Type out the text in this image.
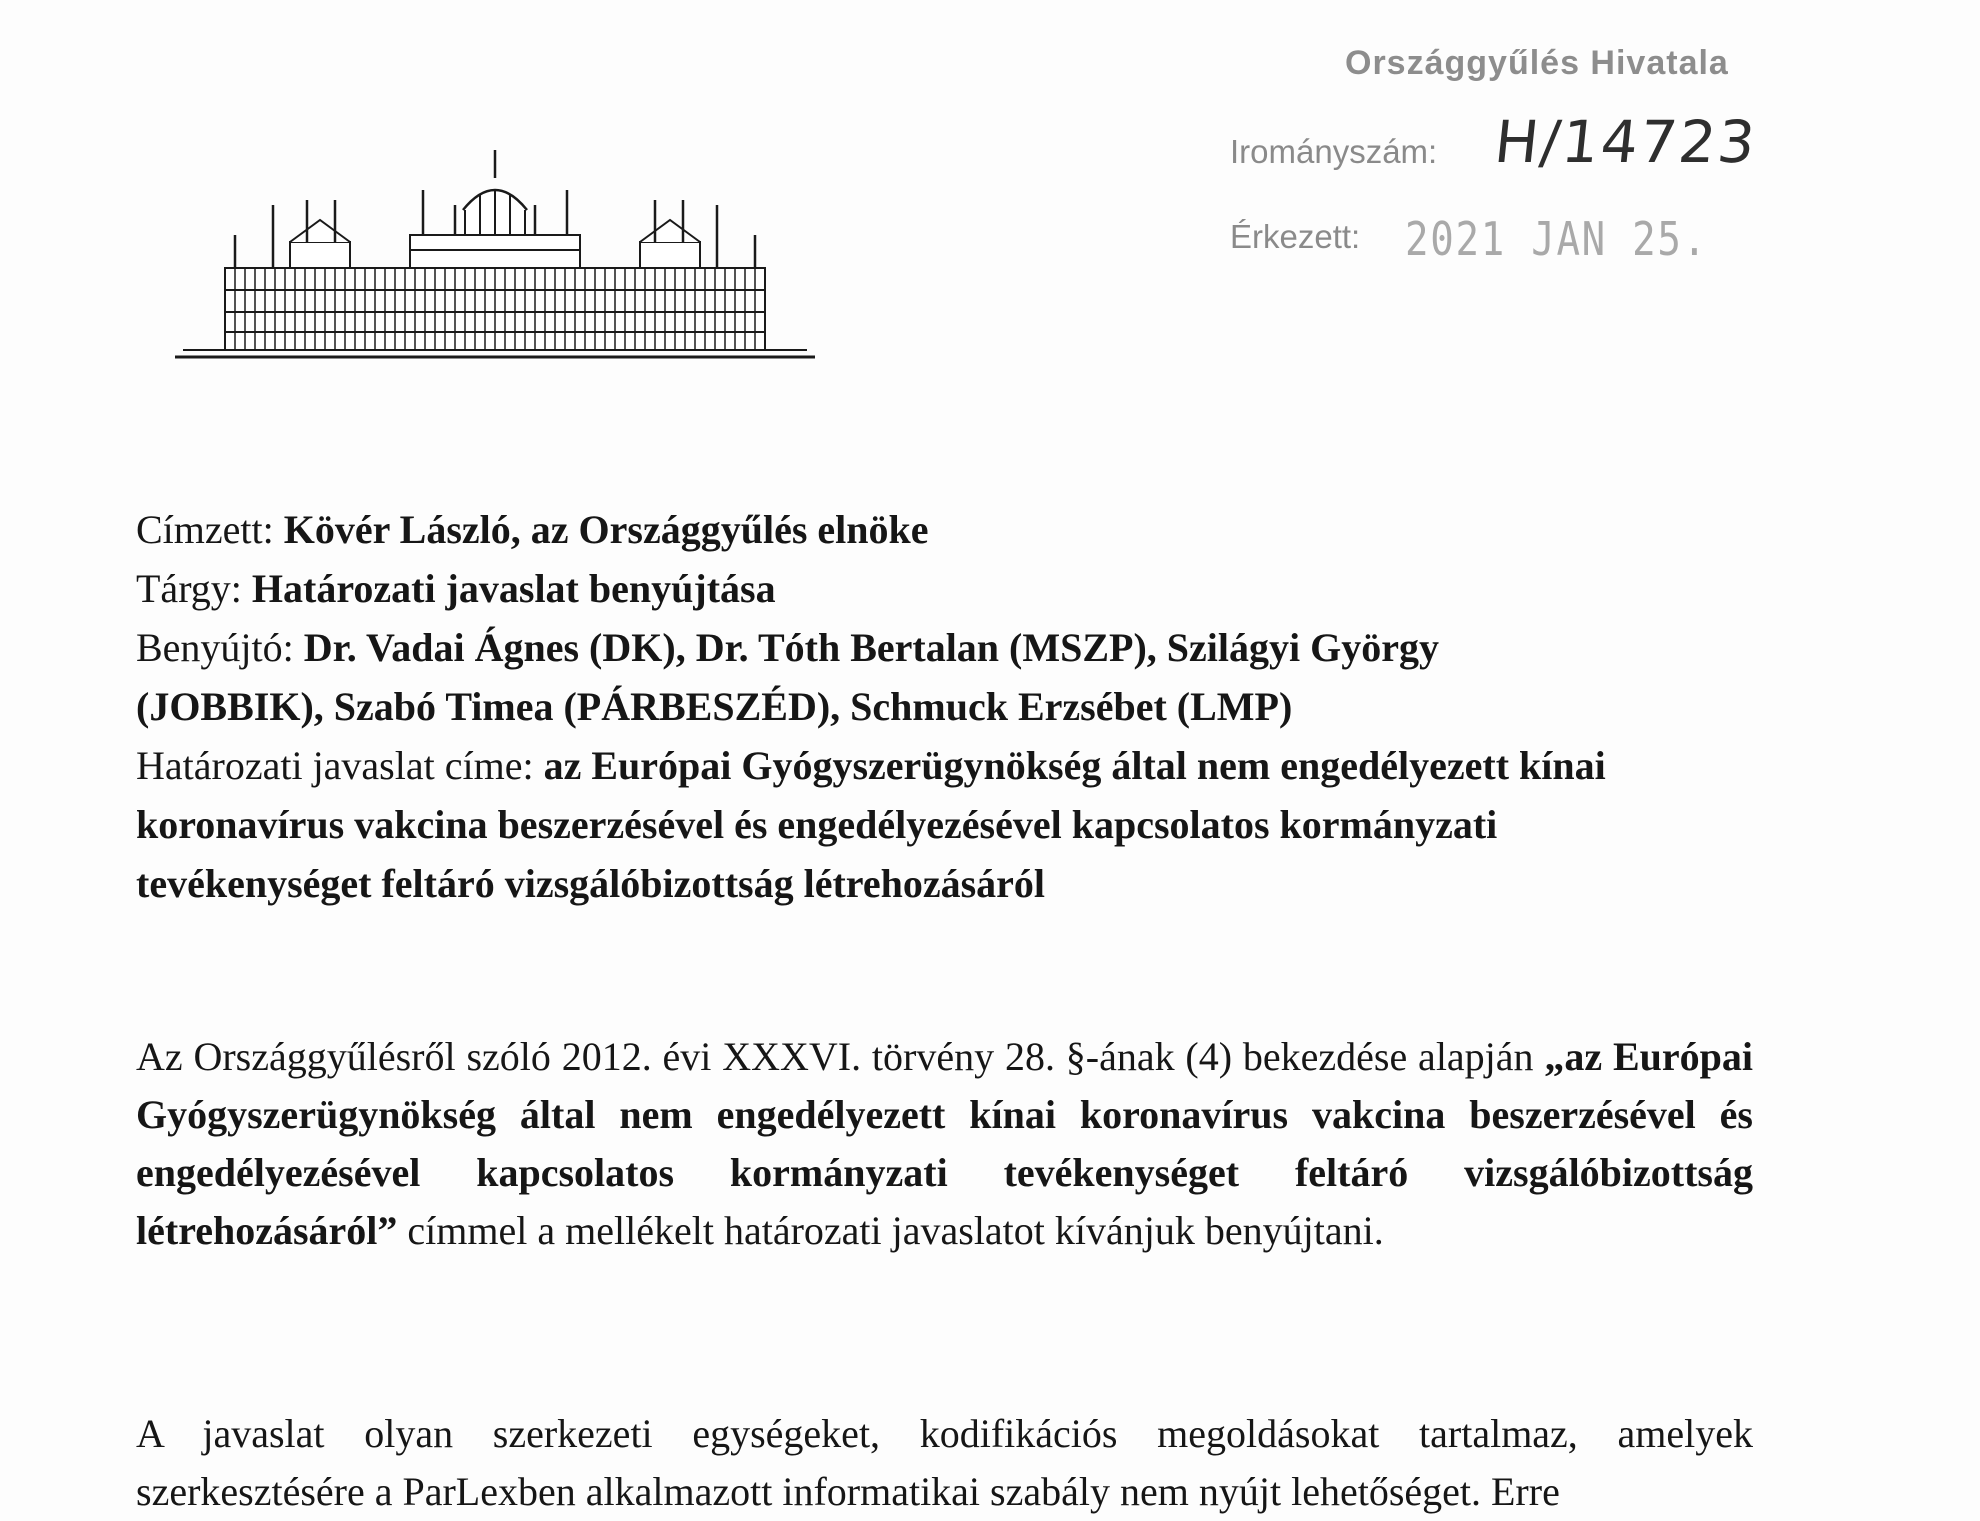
Országgyűlés Hivatala
Irományszám: H/14723
Érkezett: 2021 JAN 25.
Címzett: Kövér László, az Országgyűlés elnöke
Tárgy: Határozati javaslat benyújtása
Benyújtó: Dr. Vadai Ágnes (DK), Dr. Tóth Bertalan (MSZP), Szilágyi György
(JOBBIK), Szabó Timea (PÁRBESZÉD), Schmuck Erzsébet (LMP)
Határozati javaslat címe: az Európai Gyógyszerügynökség által nem engedélyezett kínai
koronavírus vakcina beszerzésével és engedélyezésével kapcsolatos kormányzati
tevékenységet feltáró vizsgálóbizottság létrehozásáról
Az Országgyűlésről szóló 2012. évi XXXVI. törvény 28. §-ának (4) bekezdése alapján „az Európai Gyógyszerügynökség által nem engedélyezett kínai koronavírus vakcina beszerzésével és engedélyezésével kapcsolatos kormányzati tevékenységet feltáró vizsgálóbizottság létrehozásáról” címmel a mellékelt határozati javaslatot kívánjuk benyújtani.
A javaslat olyan szerkezeti egységeket, kodifikációs megoldásokat tartalmaz, amelyek szerkesztésére a ParLexben alkalmazott informatikai szabály nem nyújt lehetőséget. Erre
